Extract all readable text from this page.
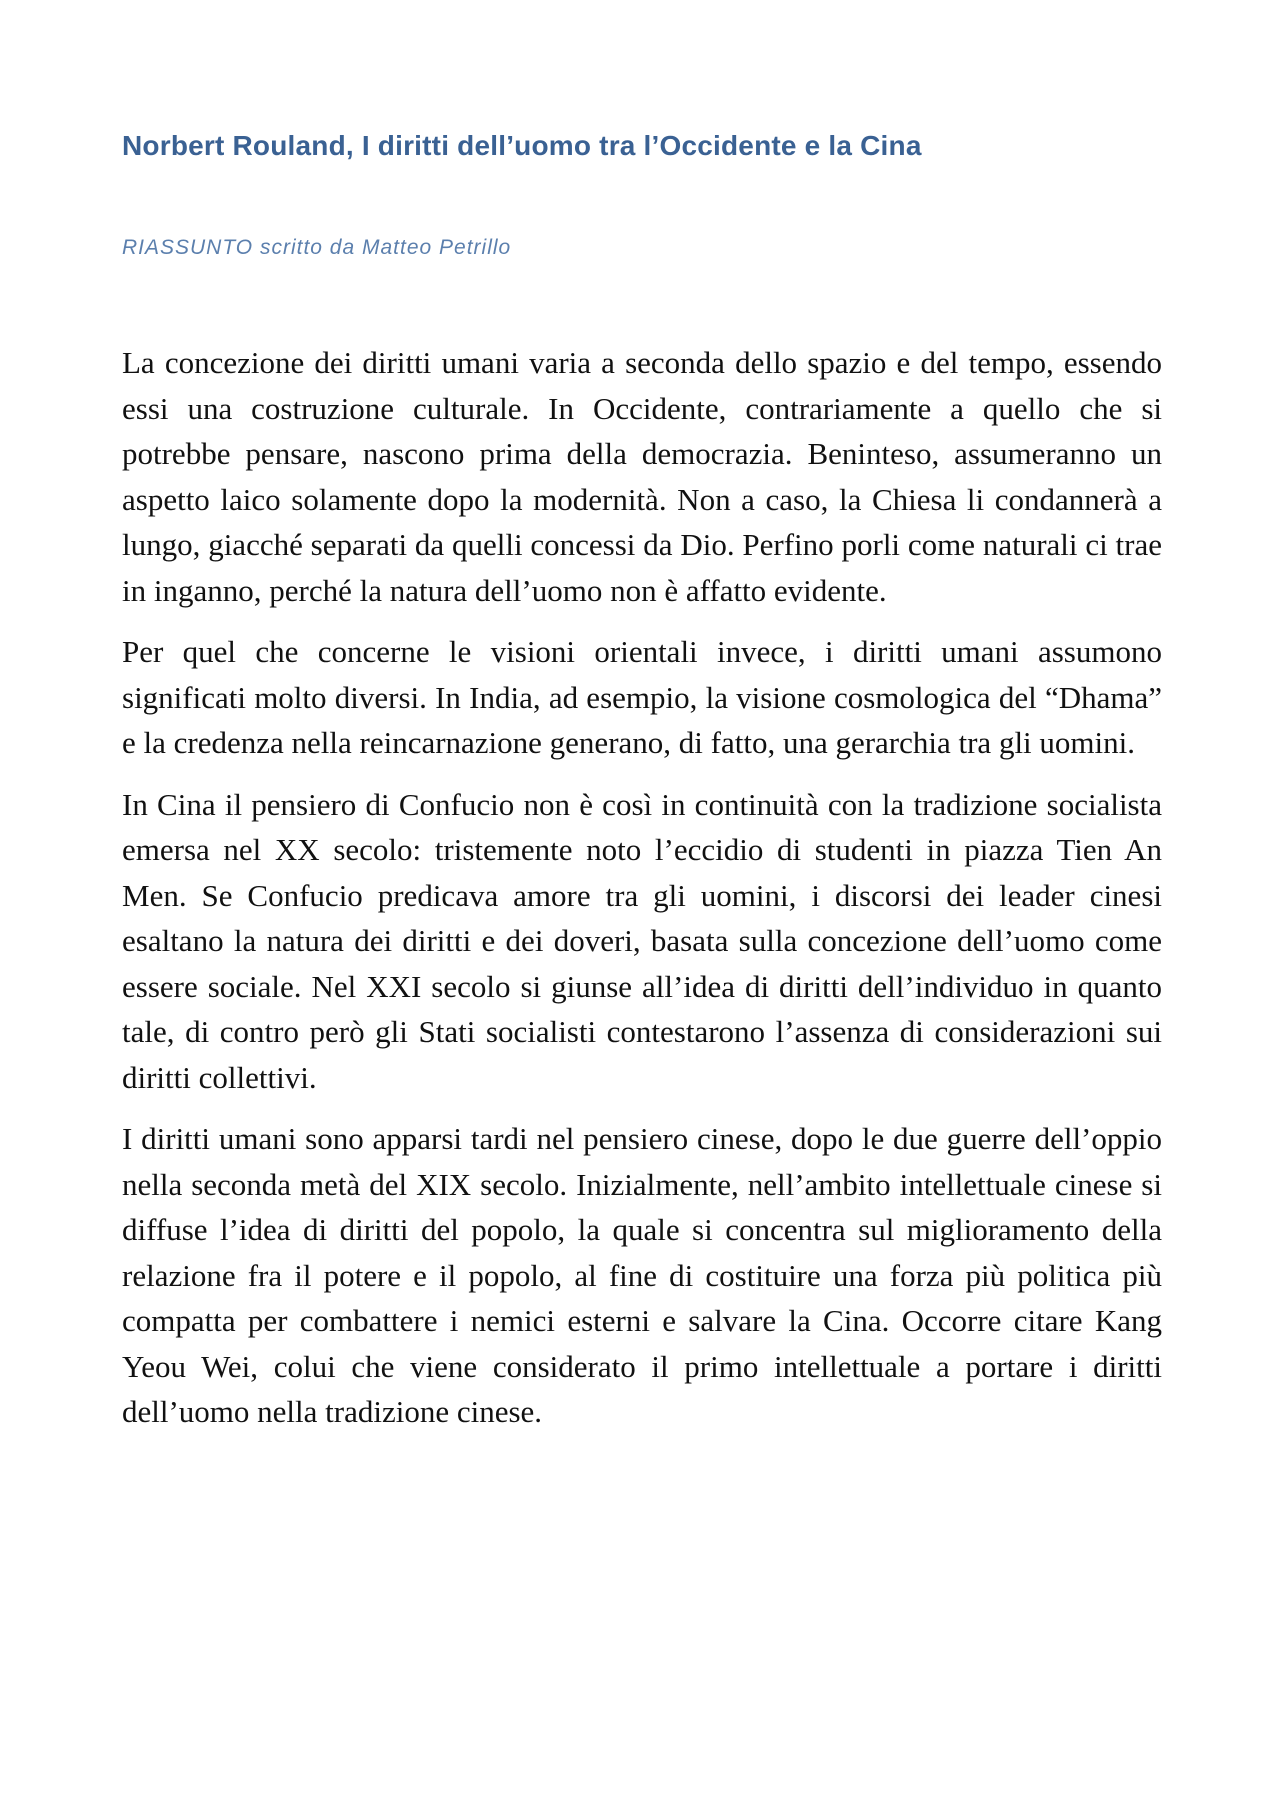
Norbert Rouland, I diritti dell’uomo tra l’Occidente e la Cina

RIASSUNTO scritto da Matteo Petrillo

La concezione dei diritti umani varia a seconda dello spazio e del tempo, essendo essi una costruzione culturale. In Occidente, contrariamente a quello che si potrebbe pensare, nascono prima della democrazia. Beninteso, assumeranno un aspetto laico solamente dopo la modernità. Non a caso, la Chiesa li condannerà a lungo, giacché separati da quelli concessi da Dio. Perfino porli come naturali ci trae in inganno, perché la natura dell’uomo non è affatto evidente.

Per quel che concerne le visioni orientali invece, i diritti umani assumono significati molto diversi. In India, ad esempio, la visione cosmologica del “Dhama” e la credenza nella reincarnazione generano, di fatto, una gerarchia tra gli uomini.

In Cina il pensiero di Confucio non è così in continuità con la tradizione socialista emersa nel XX secolo: tristemente noto l’eccidio di studenti in piazza Tien An Men. Se Confucio predicava amore tra gli uomini, i discorsi dei leader cinesi esaltano la natura dei diritti e dei doveri, basata sulla concezione dell’uomo come essere sociale. Nel XXI secolo si giunse all’idea di diritti dell’individuo in quanto tale, di contro però gli Stati socialisti contestarono l’assenza di considerazioni sui diritti collettivi.

I diritti umani sono apparsi tardi nel pensiero cinese, dopo le due guerre dell’oppio nella seconda metà del XIX secolo. Inizialmente, nell’ambito intellettuale cinese si diffuse l’idea di diritti del popolo, la quale si concentra sul miglioramento della relazione fra il potere e il popolo, al fine di costituire una forza più politica più compatta per combattere i nemici esterni e salvare la Cina. Occorre citare Kang Yeou Wei, colui che viene considerato il primo intellettuale a portare i diritti dell’uomo nella tradizione cinese.
